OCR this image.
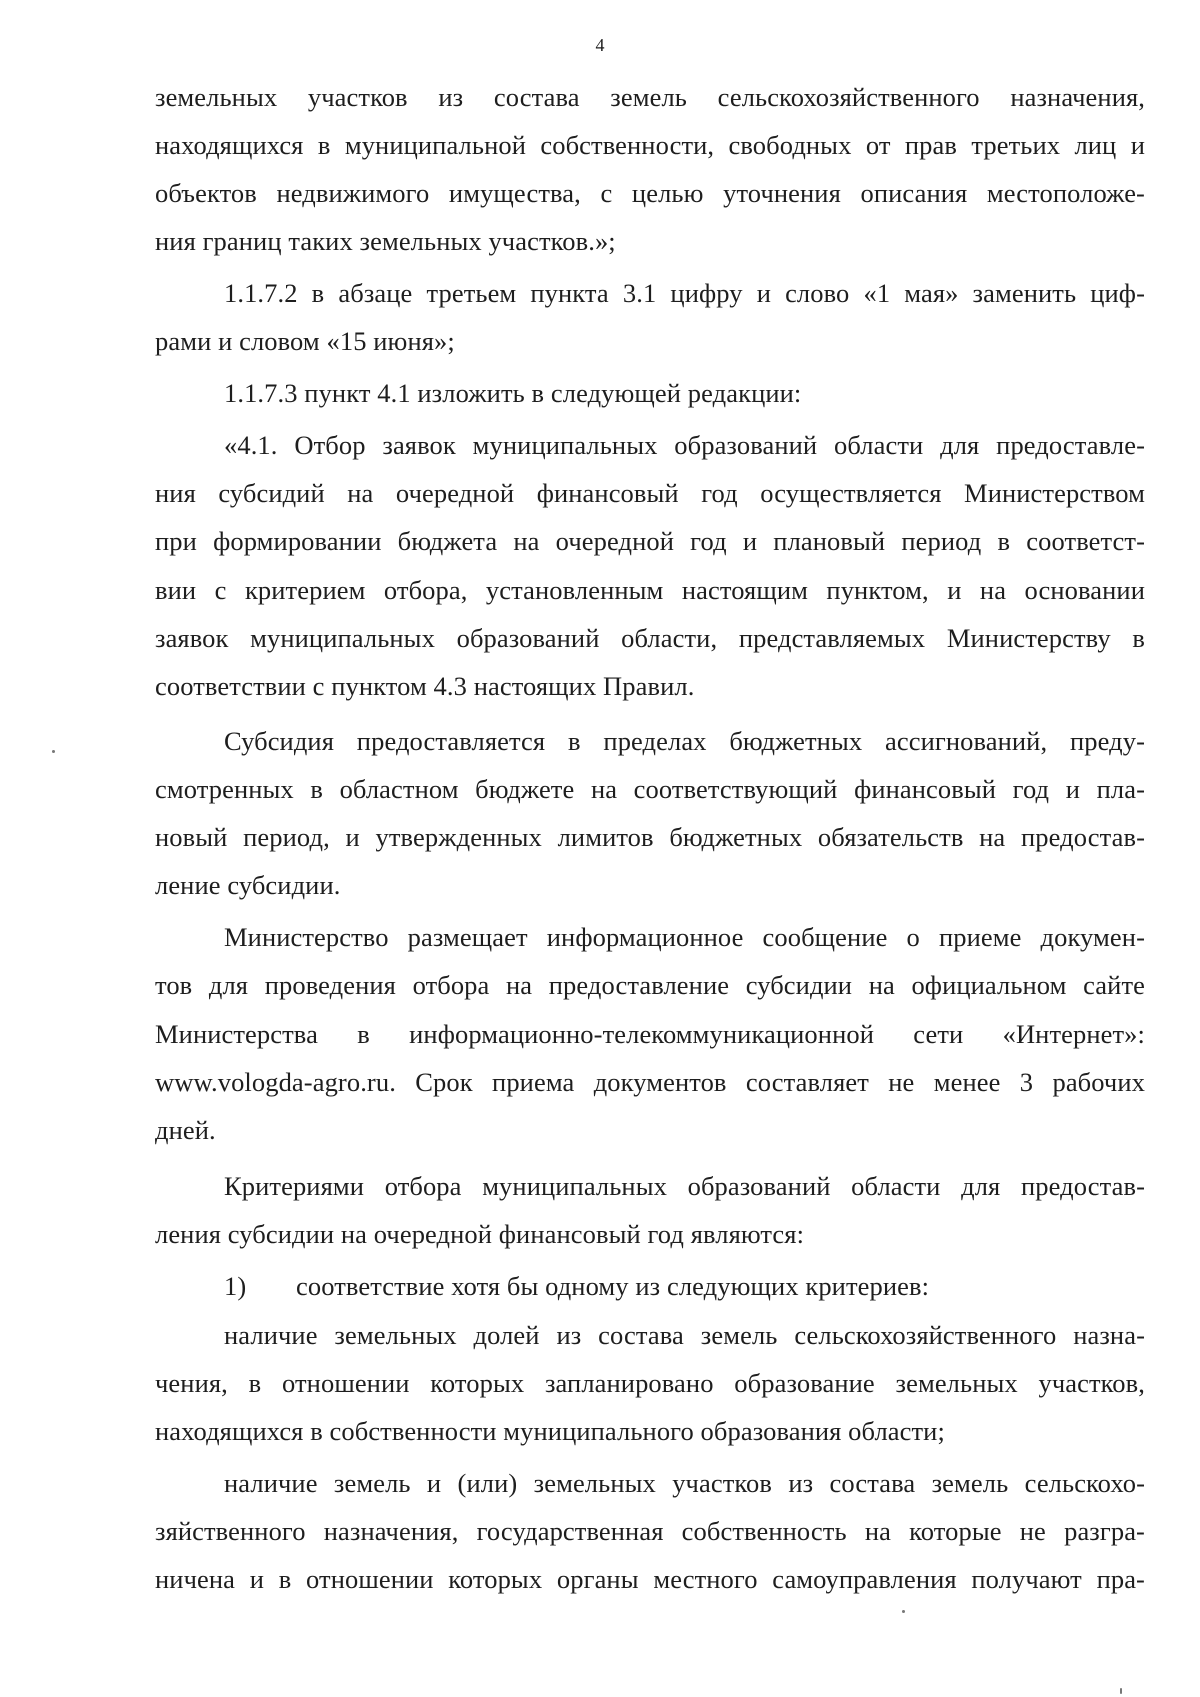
4
земельных участков из состава земель сельскохозяйственного назначения,
находящихся в муниципальной собственности, свободных от прав третьих лиц и
объектов недвижимого имущества, с целью уточнения описания местоположе-
ния границ таких земельных участков.»;
1.1.7.2 в абзаце третьем пункта 3.1 цифру и слово «1 мая» заменить циф-
рами и словом «15 июня»;
1.1.7.3 пункт 4.1 изложить в следующей редакции:
«4.1. Отбор заявок муниципальных образований области для предоставле-
ния субсидий на очередной финансовый год осуществляется Министерством
при формировании бюджета на очередной год и плановый период в соответст-
вии с критерием отбора, установленным настоящим пунктом, и на основании
заявок муниципальных образований области, представляемых Министерству в
соответствии с пунктом 4.3 настоящих Правил.
Субсидия предоставляется в пределах бюджетных ассигнований, преду-
смотренных в областном бюджете на соответствующий финансовый год и пла-
новый период, и утвержденных лимитов бюджетных обязательств на предостав-
ление субсидии.
Министерство размещает информационное сообщение о приеме докумен-
тов для проведения отбора на предоставление субсидии на официальном сайте
Министерства в информационно-телекоммуникационной сети «Интернет»:
www.vologda-agro.ru. Срок приема документов составляет не менее 3 рабочих
дней.
Критериями отбора муниципальных образований области для предостав-
ления субсидии на очередной финансовый год являются:
1) соответствие хотя бы одному из следующих критериев:
наличие земельных долей из состава земель сельскохозяйственного назна-
чения, в отношении которых запланировано образование земельных участков,
находящихся в собственности муниципального образования области;
наличие земель и (или) земельных участков из состава земель сельскохо-
зяйственного назначения, государственная собственность на которые не разгра-
ничена и в отношении которых органы местного самоуправления получают пра-
